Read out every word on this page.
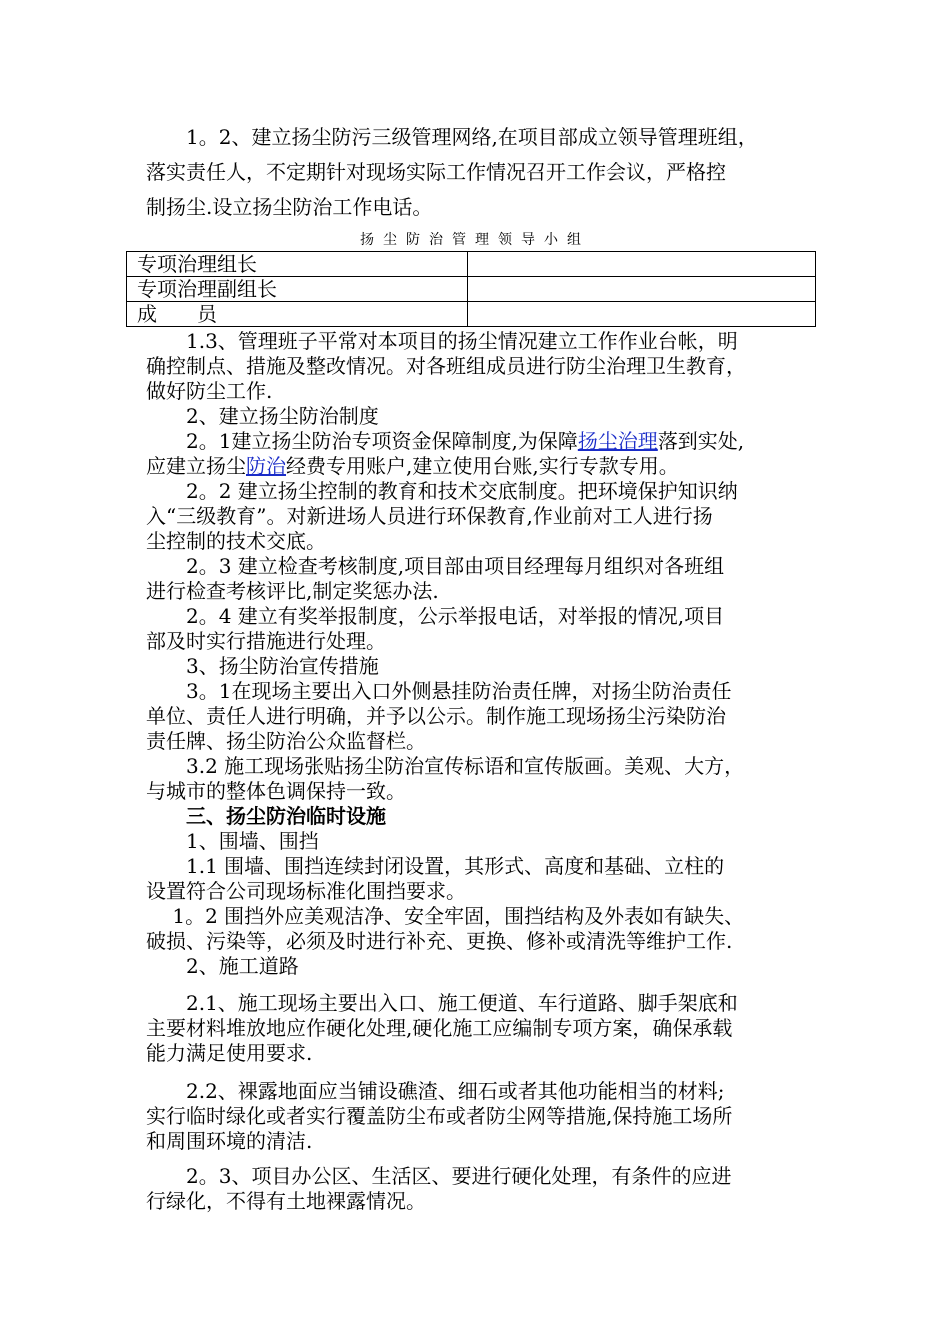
　　1。2、建立扬尘防污三级管理网络,在项目部成立领导管理班组，
落实责任人，不定期针对现场实际工作情况召开工作会议，严格控
制扬尘.设立扬尘防治工作电话。
扬尘防治管理领导小组
专项治理组长	
专项治理副组长	
成　　员	
　　1.3、管理班子平常对本项目的扬尘情况建立工作作业台帐，明
确控制点、措施及整改情况。对各班组成员进行防尘治理卫生教育，
做好防尘工作.
　　2、建立扬尘防治制度
　　2。1建立扬尘防治专项资金保障制度,为保障扬尘治理落到实处,
应建立扬尘防治经费专用账户,建立使用台账,实行专款专用。
　　2。2 建立扬尘控制的教育和技术交底制度。把环境保护知识纳
入“三级教育”。对新进场人员进行环保教育,作业前对工人进行扬
尘控制的技术交底。
　　2。3 建立检查考核制度,项目部由项目经理每月组织对各班组
进行检查考核评比,制定奖惩办法.
　　2。4 建立有奖举报制度，公示举报电话，对举报的情况,项目
部及时实行措施进行处理。
　　3、扬尘防治宣传措施
　　3。1在现场主要出入口外侧悬挂防治责任牌，对扬尘防治责任
单位、责任人进行明确，并予以公示。制作施工现场扬尘污染防治
责任牌、扬尘防治公众监督栏。
　　3.2 施工现场张贴扬尘防治宣传标语和宣传版画。美观、大方，
与城市的整体色调保持一致。
　　三、扬尘防治临时设施
　　1、围墙、围挡
　　1.1 围墙、围挡连续封闭设置，其形式、高度和基础、立柱的
设置符合公司现场标准化围挡要求。
　 1。2 围挡外应美观洁净、安全牢固，围挡结构及外表如有缺失、
破损、污染等，必须及时进行补充、更换、修补或清洗等维护工作.
　　2、施工道路
　　2.1、施工现场主要出入口、施工便道、车行道路、脚手架底和
主要材料堆放地应作硬化处理,硬化施工应编制专项方案，确保承载
能力满足使用要求.
　　2.2、裸露地面应当铺设礁渣、细石或者其他功能相当的材料;
实行临时绿化或者实行覆盖防尘布或者防尘网等措施,保持施工场所
和周围环境的清洁.
　　2。3、项目办公区、生活区、要进行硬化处理，有条件的应进
行绿化，不得有土地裸露情况。
